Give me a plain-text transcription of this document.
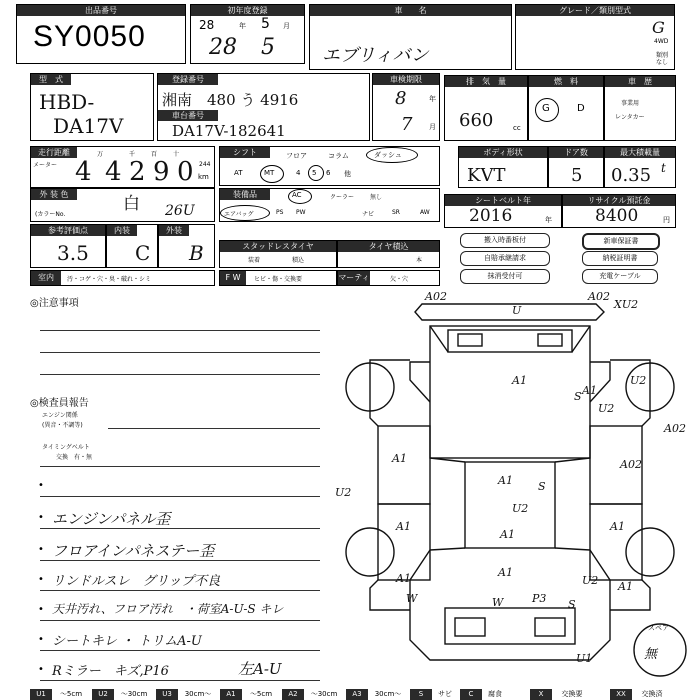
出品番号
SY0050
初年度登録
28	年 5 月
28 5
車　　名
エブリィバン
グレード／類別型式
G
4WD
類別なし
型　式
HBD-
DA17V
登録番号
湘南　480 う 4916
車台番号
DA17V-182641
車検期限
8	年
7 月
排　気　量
660	cc
燃　料
G	D
車　歴
事業用
レンタカー
走行距離
メーター
万	千	百	十
4 4 2 9 0 244
km
シフト	フロア	コラム	ダッシュ
AT	MT	4 5 6 他
ボディ形状
KVT
ドア数
5
最大積載量
0.35 t
外 装 色	白
(カラーNo.	26U
装備品	AC	クーラー	無し
エアバッグ	PS PW	ナビ	SR	AW
シートベルト年
2016	年
リサイクル預託金
8400	円
参考評価点
3.5
内装
C
外装
B	スタッドレスタイヤ
装着	積込
タイヤ積込
本
搬入時番板付	新車保証書
自賠承継請求	納税証明書
抹消受付可	充電ケーブル
室内	汚・コゲ・穴・臭・破れ・シミ	F W	ヒビ・傷・交換要	マーティ	欠・穴
◎注意事項
◎検査員報告
エンジン関係
(異音・不調等)
タイミングベルト
交換　有・無
•
• エンジンパネル歪
• フロアインパネステー歪
• リンドルスレ　グリップ不良
• 天井汚れ、フロア汚れ　・荷室A-U-S キレ
• シートキレ ・ トリムA-U
• Rミラー　キズ,P16	左A-U
A02
U
A02
XU2
U2
A1
A02
U2
A1
A1
S
A1
A02
A1
A1
U2
A1
W
A1
A1
S
U2
U1
W	P3
A1
U2
S
スペア
無
U1	～5cm	U2	～30cm	U3	30cm～	A1	～5cm	A2	～30cm	A3	30cm～	S	サビ	C	腐食	X	交換要	XX	交換済
